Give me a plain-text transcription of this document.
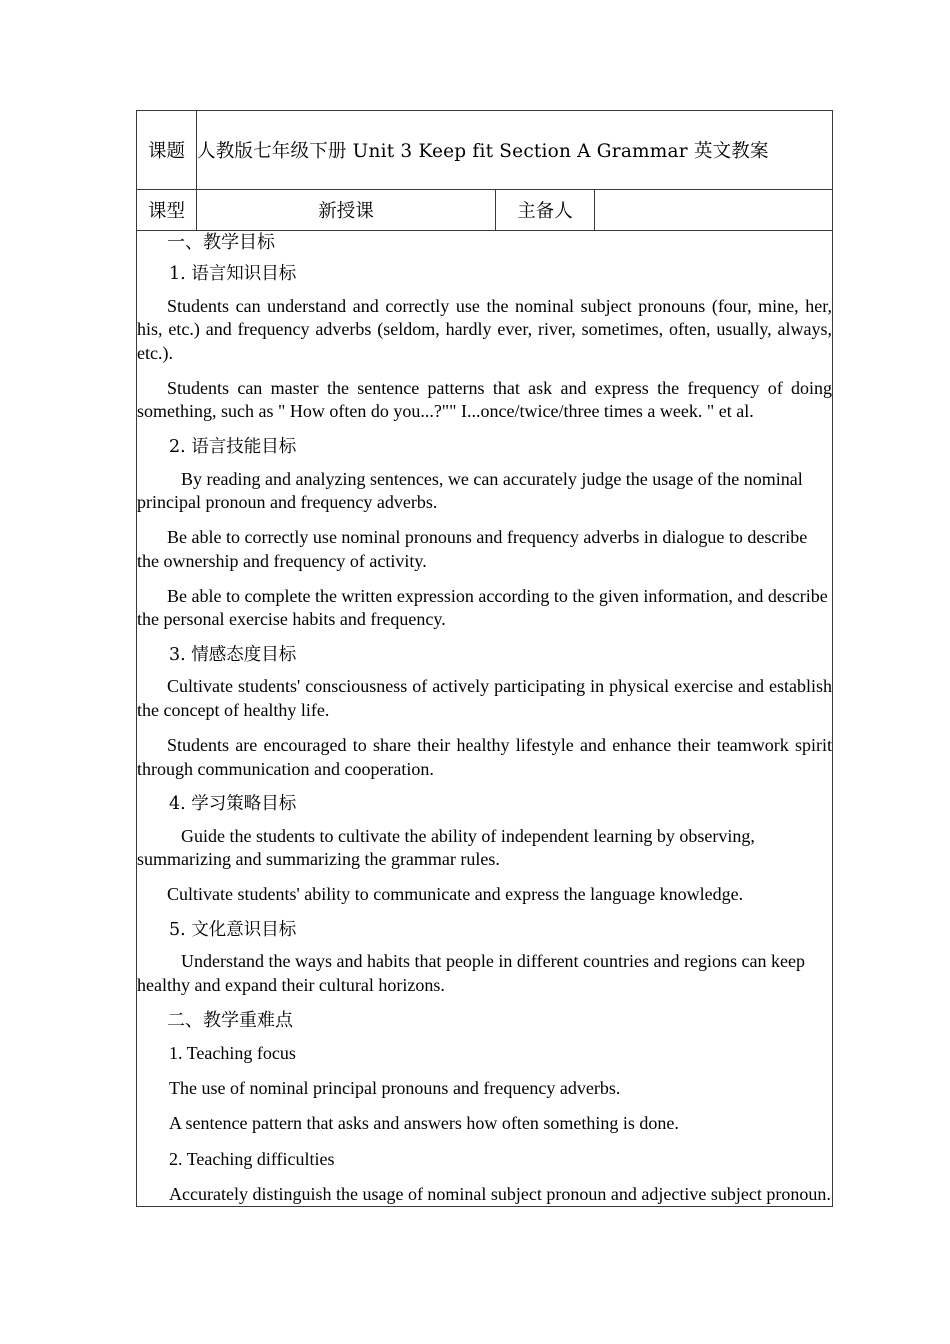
课题	人教版七年级下册 Unit 3 Keep fit Section A Grammar 英文教案		
课型	新授课	主备人	

一、教学目标
1. 语言知识目标

Students can understand and correctly use the nominal subject pronouns (four, mine, her, his, etc.) and frequency adverbs (seldom, hardly ever, river, sometimes, often, usually, always, etc.).

Students can master the sentence patterns that ask and express the frequency of doing something, such as " How often do you...?"" I...once/twice/three times a week. " et al.

2. 语言技能目标

By reading and analyzing sentences, we can accurately judge the usage of the nominal principal pronoun and frequency adverbs.

Be able to correctly use nominal pronouns and frequency adverbs in dialogue to describe the ownership and frequency of activity.

Be able to complete the written expression according to the given information, and describe the personal exercise habits and frequency.

3. 情感态度目标

Cultivate students' consciousness of actively participating in physical exercise and establish the concept of healthy life.

Students are encouraged to share their healthy lifestyle and enhance their teamwork spirit through communication and cooperation.

4. 学习策略目标

Guide the students to cultivate the ability of independent learning by observing, summarizing and summarizing the grammar rules.

Cultivate students' ability to communicate and express the language knowledge.

5. 文化意识目标

Understand the ways and habits that people in different countries and regions can keep healthy and expand their cultural horizons.

二、教学重难点

1. Teaching focus

The use of nominal principal pronouns and frequency adverbs.

A sentence pattern that asks and answers how often something is done.

2. Teaching difficulties

Accurately distinguish the usage of nominal subject pronoun and adjective subject pronoun.
